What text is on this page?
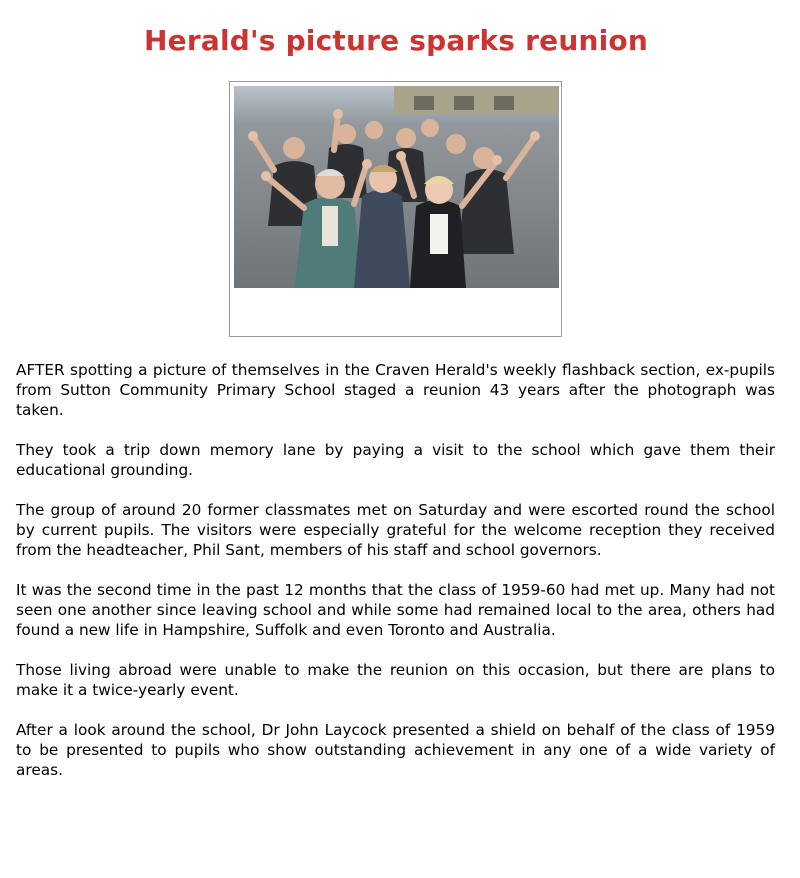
Herald's picture sparks reunion

AFTER spotting a picture of themselves in the Craven Herald's weekly flashback section, ex-pupils from Sutton Community Primary School staged a reunion 43 years after the photograph was taken.

They took a trip down memory lane by paying a visit to the school which gave them their educational grounding.

The group of around 20 former classmates met on Saturday and were escorted round the school by current pupils. The visitors were especially grateful for the welcome reception they received from the headteacher, Phil Sant, members of his staff and school governors.

It was the second time in the past 12 months that the class of 1959-60 had met up. Many had not seen one another since leaving school and while some had remained local to the area, others had found a new life in Hampshire, Suffolk and even Toronto and Australia.

Those living abroad were unable to make the reunion on this occasion, but there are plans to make it a twice-yearly event.

After a look around the school, Dr John Laycock presented a shield on behalf of the class of 1959 to be presented to pupils who show outstanding achievement in any one of a wide variety of areas.
